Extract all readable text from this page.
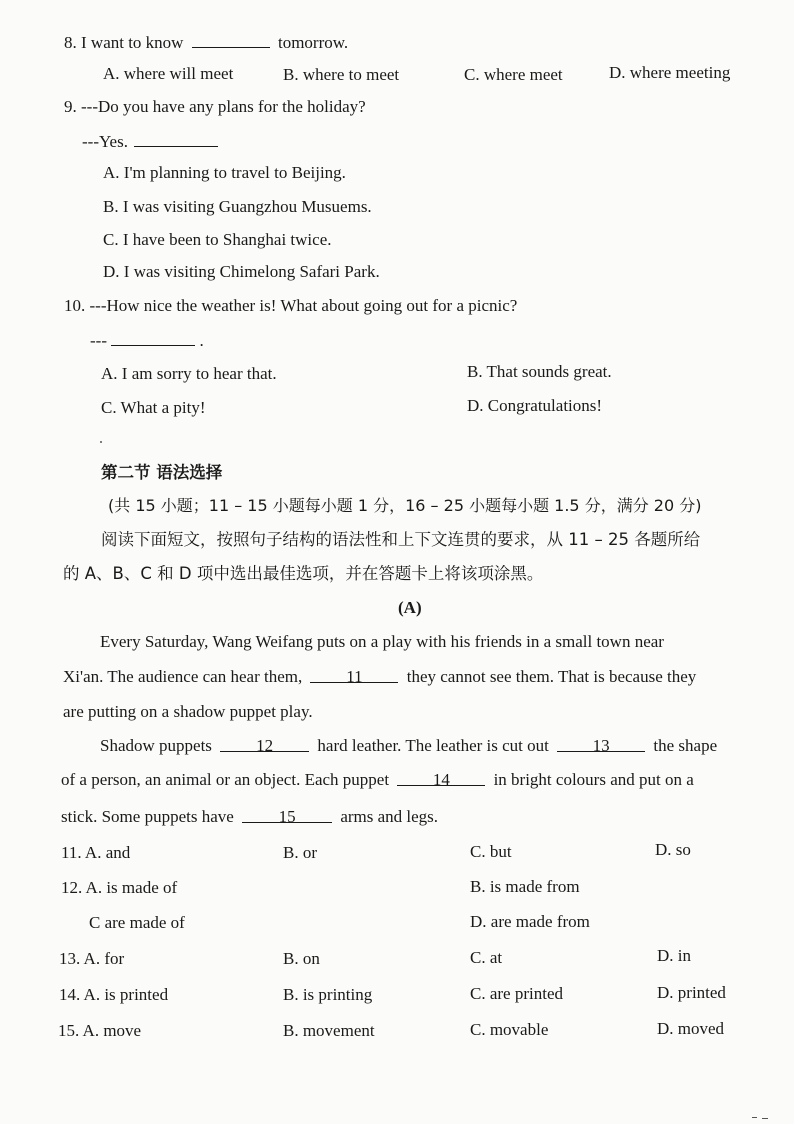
8. I want to know	tomorrow.
A. where will meet	B. where to meet	C. where meet	D. where meeting
9. ---Do you have any plans for the holiday?
---Yes.
A. I'm planning to travel to Beijing.
B. I was visiting Guangzhou Musuems.
C. I have been to Shanghai twice.
D. I was visiting Chimelong Safari Park.
10. ---How nice the weather is! What about going out for a picnic?
---	.
A. I am sorry to hear that.	B. That sounds great.
C. What a pity!	D. Congratulations!
第二节 语法选择
(共 15 小题；11 – 15 小题每小题 1 分，16 – 25 小题每小题 1.5 分，满分 20 分)
阅读下面短文，按照句子结构的语法性和上下文连贯的要求，从 11 – 25 各题所给
的 A、B、C 和 D 项中选出最佳选项，并在答题卡上将该项涂黑。
(A)
Every Saturday, Wang Weifang puts on a play with his friends in a small town near
Xi'an. The audience can hear them,	11	they cannot see them. That is because they
are putting on a shadow puppet play.
Shadow puppets	12	hard leather. The leather is cut out	13	the shape
of a person, an animal or an object. Each puppet	14	in bright colours and put on a
stick. Some puppets have	15	arms and legs.
11. A. and	B. or	C. but	D. so
12. A. is made of	B. is made from
C are made of	D. are made from
13. A. for	B. on	C. at	D. in
14. A. is printed	B. is printing	C. are printed	D. printed
15. A. move	B. movement	C. movable	D. moved
